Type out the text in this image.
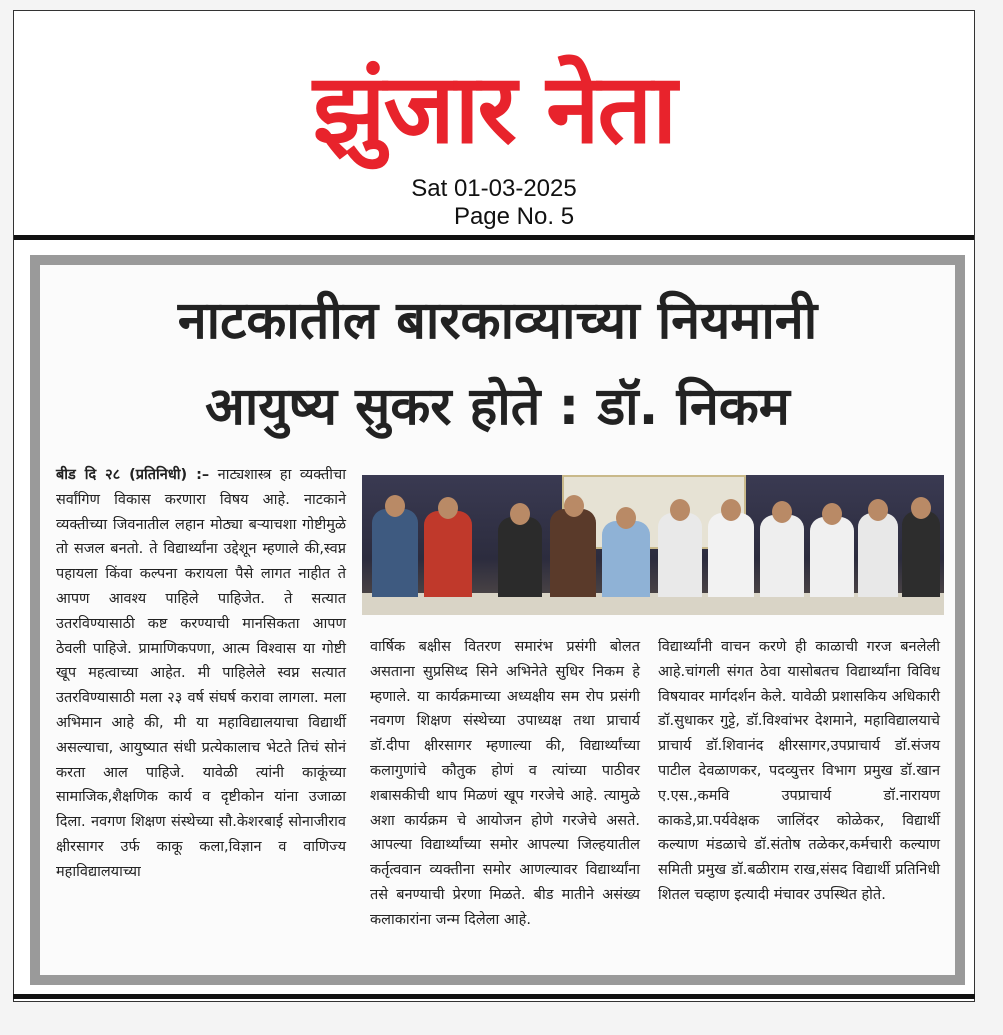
झुंजार नेता
Sat 01-03-2025
Page No. 5
नाटकातील बारकाव्याच्या नियमानी
आयुष्य सुकर होते : डॉ. निकम
बीड दि २८ (प्रतिनिधी) :– नाट्यशास्त्र हा व्यक्तीचा सर्वांगिण विकास करणारा विषय आहे. नाटकाने व्यक्तीच्या जिवनातील लहान मोठ्या बऱ्याचशा गोष्टीमुळे तो सजल बनतो. ते विद्यार्थ्यांना उद्देशून म्हणाले की,स्वप्न पहायला किंवा कल्पना करायला पैसे लागत नाहीत ते आपण आवश्य पाहिले पाहिजेत. ते सत्यात उतरविण्यासाठी कष्ट करण्याची मानसिकता आपण ठेवली पाहिजे. प्रामाणिकपणा, आत्म विश्वास या गोष्टी खूप महत्वाच्या आहेत. मी पाहिलेले स्वप्न सत्यात उतरविण्यासाठी मला २३ वर्ष संघर्ष करावा लागला. मला अभिमान आहे की, मी या महाविद्यालयाचा विद्यार्थी असल्याचा, आयुष्यात संधी प्रत्येकालाच भेटते तिचं सोनं करता आल पाहिजे. यावेळी त्यांनी काकूंच्या सामाजिक,शैक्षणिक कार्य व दृष्टीकोन यांना उजाळा दिला. नवगण शिक्षण संस्थेच्या सौ.केशरबाई सोनाजीराव क्षीरसागर उर्फ काकू कला,विज्ञान व वाणिज्य महाविद्यालयाच्या
वार्षिक बक्षीस वितरण समारंभ प्रसंगी बोलत असताना सुप्रसिध्द सिने अभिनेते सुधिर निकम हे म्हणाले. या कार्यक्रमाच्या अध्यक्षीय सम रोप प्रसंगी नवगण शिक्षण संस्थेच्या उपाध्यक्ष तथा प्राचार्य डॉ.दीपा क्षीरसागर म्हणाल्या की, विद्यार्थ्यांच्या कलागुणांचे कौतुक होणं व त्यांच्या पाठीवर शबासकीची थाप मिळणं खूप गरजेचे आहे. त्यामुळे अशा कार्यक्रम चे आयोजन होणे गरजेचे असते. आपल्या विद्यार्थ्यांच्या समोर आपल्या जिल्हयातील कर्तृत्ववान व्यक्तीना समोर आणल्यावर विद्यार्थ्यांना तसे बनण्याची प्रेरणा मिळते. बीड मातीने असंख्य कलाकारांना जन्म दिलेला आहे.
विद्यार्थ्यांनी वाचन करणे ही काळाची गरज बनलेली आहे.चांगली संगत ठेवा यासोबतच विद्यार्थ्यांना विविध विषयावर मार्गदर्शन केले. यावेळी प्रशासकिय अधिकारी डॉ.सुधाकर गुट्टे, डॉ.विश्वांभर देशमाने, महाविद्यालयाचे प्राचार्य डॉ.शिवानंद क्षीरसागर,उपप्राचार्य डॉ.संजय पाटील देवळाणकर, पदव्युत्तर विभाग प्रमुख डॉ.खान ए.एस.,कमवि उपप्राचार्य डॉ.नारायण काकडे,प्रा.पर्यवेक्षक जालिंदर कोळेकर, विद्यार्थी कल्याण मंडळाचे डॉ.संतोष तळेकर,कर्मचारी कल्याण समिती प्रमुख डॉ.बळीराम राख,संसद विद्यार्थी प्रतिनिधी शितल चव्हाण इत्यादी मंचावर उपस्थित होते.
